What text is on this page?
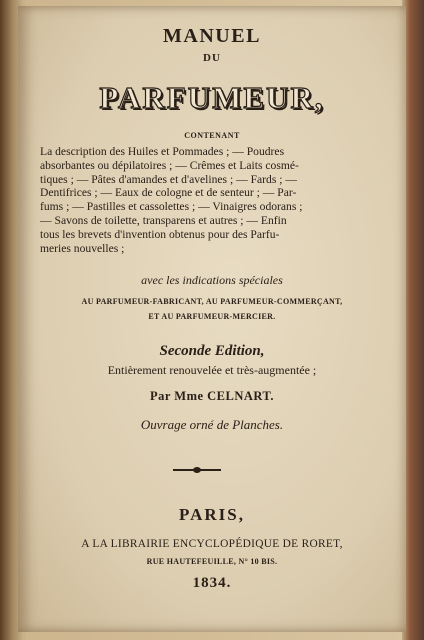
MANUEL
DU
PARFUMEUR,
CONTENANT
La description des Huiles et Pommades ; — Poudres
absorbantes ou dépilatoires ; — Crêmes et Laits cosmé-
tiques ; — Pâtes d'amandes et d'avelines ; — Fards ; —
Dentifrices ; — Eaux de cologne et de senteur ; — Par-
fums ; — Pastilles et cassolettes ; — Vinaigres odorans ;
— Savons de toilette, transparens et autres ; — Enfin
tous les brevets d'invention obtenus pour des Parfu-
meries nouvelles ;
avec les indications spéciales
AU PARFUMEUR-FABRICANT, AU PARFUMEUR-COMMERÇANT,
ET AU PARFUMEUR-MERCIER.
Seconde Edition,
Entièrement renouvelée et très-augmentée ;
Par Mme CELNART.
Ouvrage orné de Planches.
PARIS,
A LA LIBRAIRIE ENCYCLOPÉDIQUE DE RORET,
RUE HAUTEFEUILLE, N° 10 BIS.
1834.
